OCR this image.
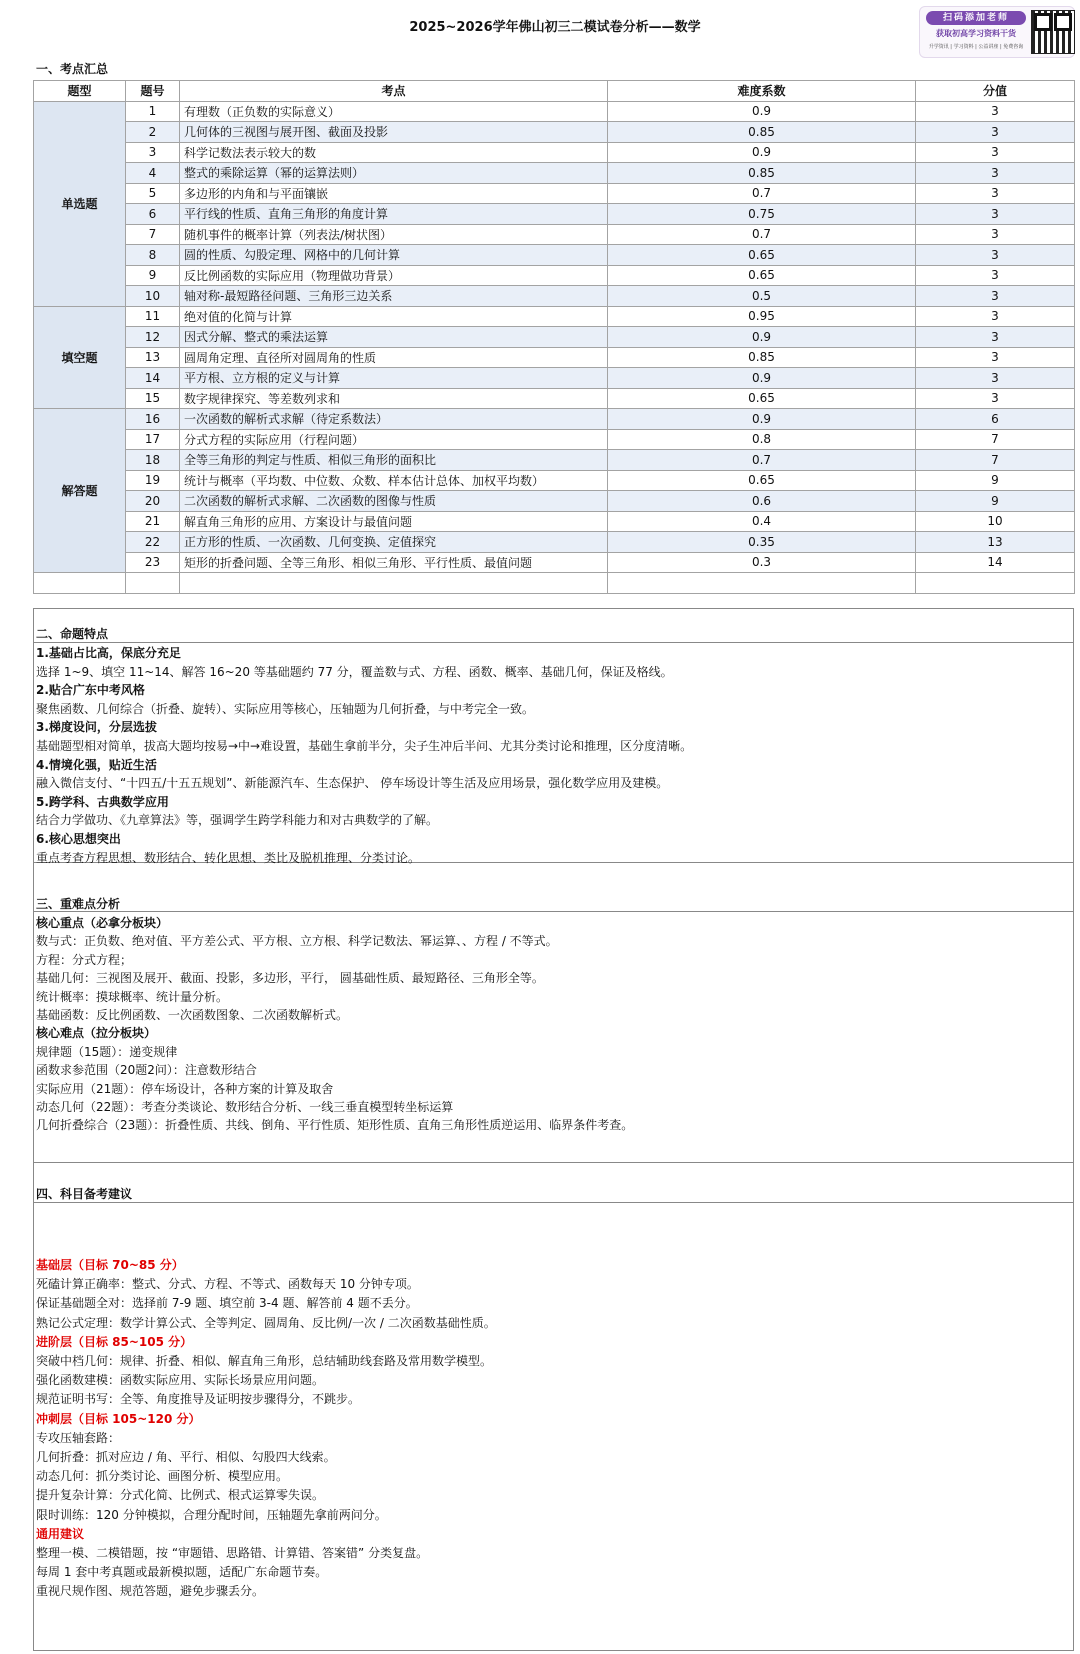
2025~2026学年佛山初三二模试卷分析——数学
扫码添加老师
获取初高学习资料干货
升学资讯 | 学习资料 | 公益讲座 | 免费咨询
一、考点汇总
题型	题号	考点	难度系数	分值
单选题	1	有理数（正负数的实际意义）	0.9	3
	2	几何体的三视图与展开图、截面及投影	0.85	3
	3	科学记数法表示较大的数	0.9	3
	4	整式的乘除运算（幂的运算法则）	0.85	3
	5	多边形的内角和与平面镶嵌	0.7	3
	6	平行线的性质、直角三角形的角度计算	0.75	3
	7	随机事件的概率计算（列表法/树状图）	0.7	3
	8	圆的性质、勾股定理、网格中的几何计算	0.65	3
	9	反比例函数的实际应用（物理做功背景）	0.65	3
	10	轴对称-最短路径问题、三角形三边关系	0.5	3
填空题	11	绝对值的化简与计算	0.95	3
	12	因式分解、整式的乘法运算	0.9	3
	13	圆周角定理、直径所对圆周角的性质	0.85	3
	14	平方根、立方根的定义与计算	0.9	3
	15	数字规律探究、等差数列求和	0.65	3
解答题	16	一次函数的解析式求解（待定系数法）	0.9	6
	17	分式方程的实际应用（行程问题）	0.8	7
	18	全等三角形的判定与性质、相似三角形的面积比	0.7	7
	19	统计与概率（平均数、中位数、众数、样本估计总体、加权平均数）	0.65	9
	20	二次函数的解析式求解、二次函数的图像与性质	0.6	9
	21	解直角三角形的应用、方案设计与最值问题	0.4	10
	22	正方形的性质、一次函数、几何变换、定值探究	0.35	13
	23	矩形的折叠问题、全等三角形、相似三角形、平行性质、最值问题	0.3	14

二、命题特点
1.基础占比高，保底分充足
选择 1~9、填空 11~14、解答 16~20 等基础题约 77 分，覆盖数与式、方程、函数、概率、基础几何，保证及格线。
2.贴合广东中考风格
聚焦函数、几何综合（折叠、旋转）、实际应用等核心，压轴题为几何折叠，与中考完全一致。
3.梯度设问，分层选拔
基础题型相对简单，拔高大题均按易→中→难设置，基础生拿前半分，尖子生冲后半问、尤其分类讨论和推理，区分度清晰。
4.情境化强，贴近生活
融入微信支付、“十四五/十五五规划”、新能源汽车、生态保护、 停车场设计等生活及应用场景，强化数学应用及建模。
5.跨学科、古典数学应用
结合力学做功、《九章算法》等，强调学生跨学科能力和对古典数学的了解。
6.核心思想突出
重点考查方程思想、数形结合、转化思想、类比及脱机推理、分类讨论。
三、重难点分析
核心重点（必拿分板块）
数与式：正负数、绝对值、平方差公式、平方根、立方根、科学记数法、幂运算、、方程 / 不等式。
方程：分式方程；
基础几何：三视图及展开、截面、投影，多边形，平行， 圆基础性质、最短路径、三角形全等。
统计概率：摸球概率、统计量分析。
基础函数：反比例函数、一次函数图象、二次函数解析式。
核心难点（拉分板块）
规律题（15题）：递变规律
函数求参范围（20题2问）：注意数形结合
实际应用（21题）：停车场设计，各种方案的计算及取舍
动态几何（22题）：考查分类谈论、数形结合分析、一线三垂直模型转坐标运算
几何折叠综合（23题）：折叠性质、共线、倒角、平行性质、矩形性质、直角三角形性质逆运用、临界条件考查。
四、科目备考建议
基础层（目标 70~85 分）
死磕计算正确率：整式、分式、方程、不等式、函数每天 10 分钟专项。
保证基础题全对：选择前 7-9 题、填空前 3-4 题、解答前 4 题不丢分。
熟记公式定理：数学计算公式、全等判定、圆周角、反比例/一次 / 二次函数基础性质。
进阶层（目标 85~105 分）
突破中档几何：规律、折叠、相似、解直角三角形，总结辅助线套路及常用数学模型。
强化函数建模：函数实际应用、实际长场景应用问题。
规范证明书写：全等、角度推导及证明按步骤得分，不跳步。
冲刺层（目标 105~120 分）
专攻压轴套路：
几何折叠：抓对应边 / 角、平行、相似、勾股四大线索。
动态几何：抓分类讨论、画图分析、模型应用。
提升复杂计算：分式化简、比例式、根式运算零失误。
限时训练：120 分钟模拟，合理分配时间，压轴题先拿前两问分。
通用建议
整理一模、二模错题，按 “审题错、思路错、计算错、答案错” 分类复盘。
每周 1 套中考真题或最新模拟题，适配广东命题节奏。
重视尺规作图、规范答题，避免步骤丢分。
